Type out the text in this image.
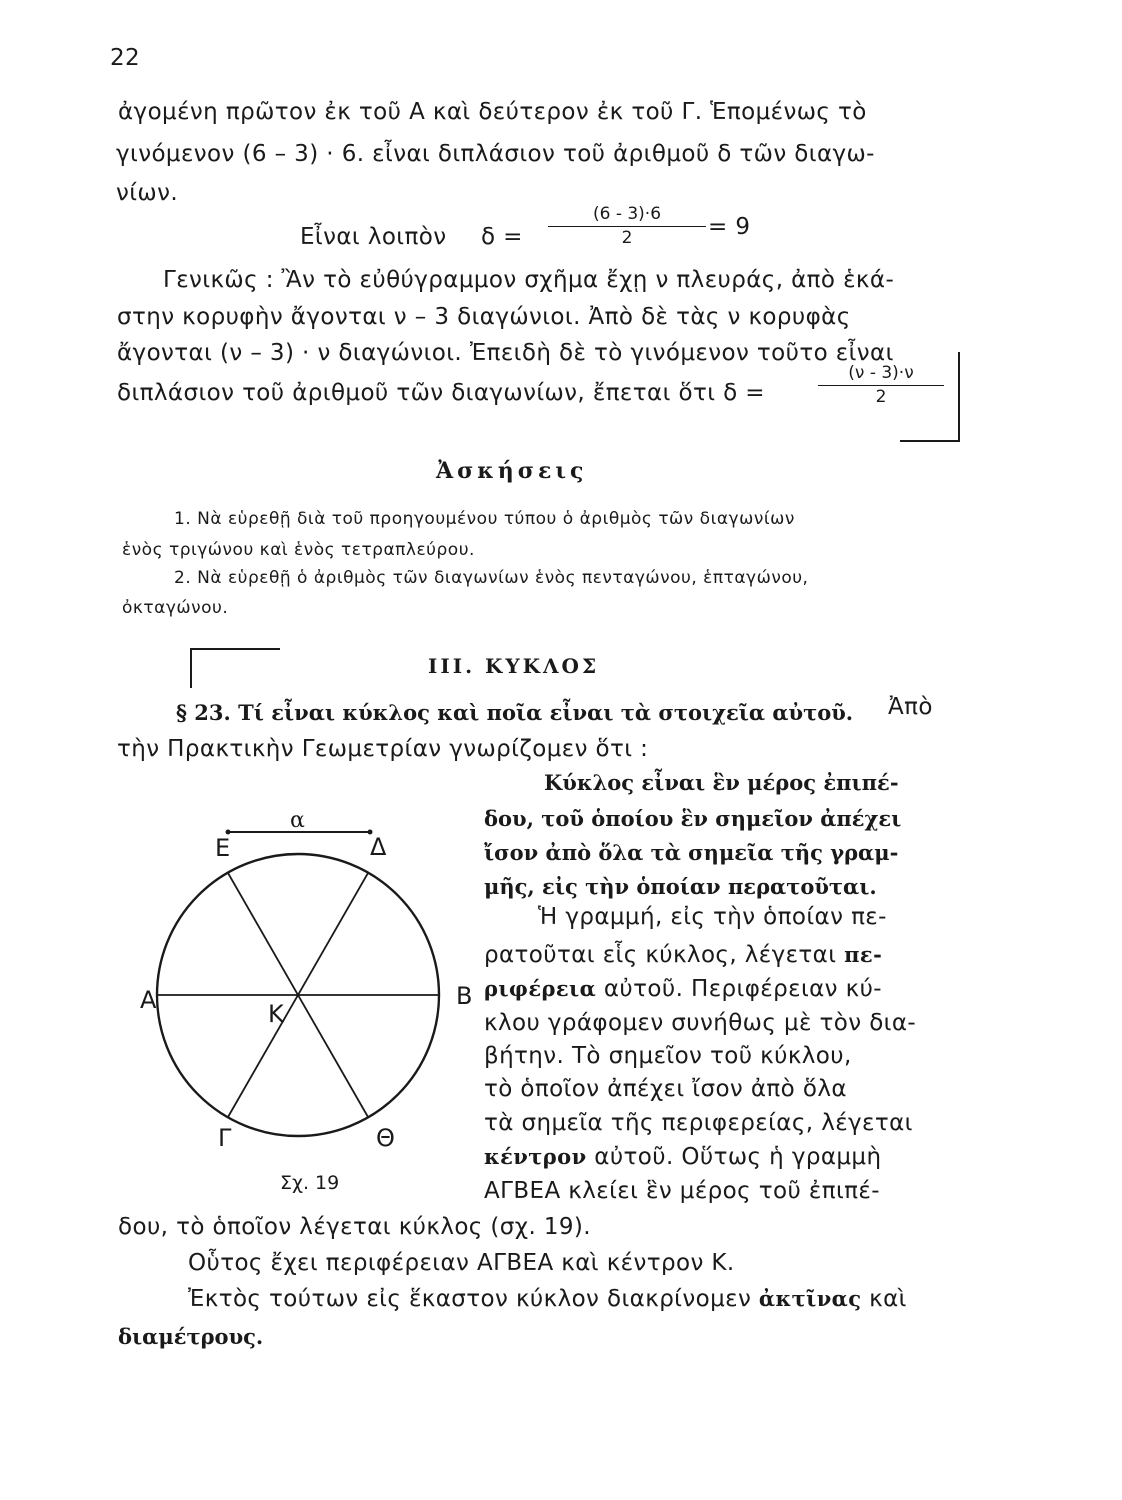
22
ἀγομένη πρῶτον ἐκ τοῦ Α καὶ δεύτερον ἐκ τοῦ Γ. Ἑπομένως τὸ
γινόμενον (6 – 3) · 6. εἶναι διπλάσιον τοῦ ἀριθμοῦ δ τῶν διαγω-
νίων.
Εἶναι λοιπὸν δ =
(6 - 3)·6
2	= 9
Γενικῶς : Ἂν τὸ εὐθύγραμμον σχῆμα ἔχῃ ν πλευράς, ἀπὸ ἑκά-
στην κορυφὴν ἄγονται ν – 3 διαγώνιοι. Ἀπὸ δὲ τὰς ν κορυφὰς
ἄγονται (ν – 3) · ν διαγώνιοι. Ἐπειδὴ δὲ τὸ γινόμενον τοῦτο εἶναι
διπλάσιον τοῦ ἀριθμοῦ τῶν διαγωνίων, ἔπεται ὅτι δ =
(ν - 3)·ν
2
Ἀσκήσεις
1. Νὰ εὑρεθῇ διὰ τοῦ προηγουμένου τύπου ὁ ἀριθμὸς τῶν διαγωνίων
ἑνὸς τριγώνου καὶ ἑνὸς τετραπλεύρου.
2. Νὰ εὑρεθῇ ὁ ἀριθμὸς τῶν διαγωνίων ἑνὸς πενταγώνου, ἑπταγώνου,
ὀκταγώνου.
III. ΚΥΚΛΟΣ
§ 23. Τί εἶναι κύκλος καὶ ποῖα εἶναι τὰ στοιχεῖα αὐτοῦ. Ἀπὸ
τὴν Πρακτικὴν Γεωμετρίαν γνωρίζομεν ὅτι :
Κύκλος εἶναι ἓν μέρος ἐπιπέ-
δου, τοῦ ὁποίου ἓν σημεῖον ἀπέχει
ἴσον ἀπὸ ὅλα τὰ σημεῖα τῆς γραμ-
μῆς, εἰς τὴν ὁποίαν περατοῦται.
Ἡ γραμμή, εἰς τὴν ὁποίαν πε-
ρατοῦται εἷς κύκλος, λέγεται πε-
ριφέρεια αὐτοῦ. Περιφέρειαν κύ-
κλου γράφομεν συνήθως μὲ τὸν δια-
βήτην. Τὸ σημεῖον τοῦ κύκλου,
τὸ ὁποῖον ἀπέχει ἴσον ἀπὸ ὅλα
τὰ σημεῖα τῆς περιφερείας, λέγεται
κέντρον αὐτοῦ. Οὕτως ἡ γραμμὴ
ΑΓΒΕΑ κλείει ἓν μέρος τοῦ ἐπιπέ-
δου, τὸ ὁποῖον λέγεται κύκλος (σχ. 19).
Οὗτος ἔχει περιφέρειαν ΑΓΒΕΑ καὶ κέντρον Κ.
Ἐκτὸς τούτων εἰς ἕκαστον κύκλον διακρίνομεν ἀκτῖνας καὶ
διαμέτρους.
α
Ε	Δ
Α	Β
Κ
Γ	Θ
Σχ. 19
